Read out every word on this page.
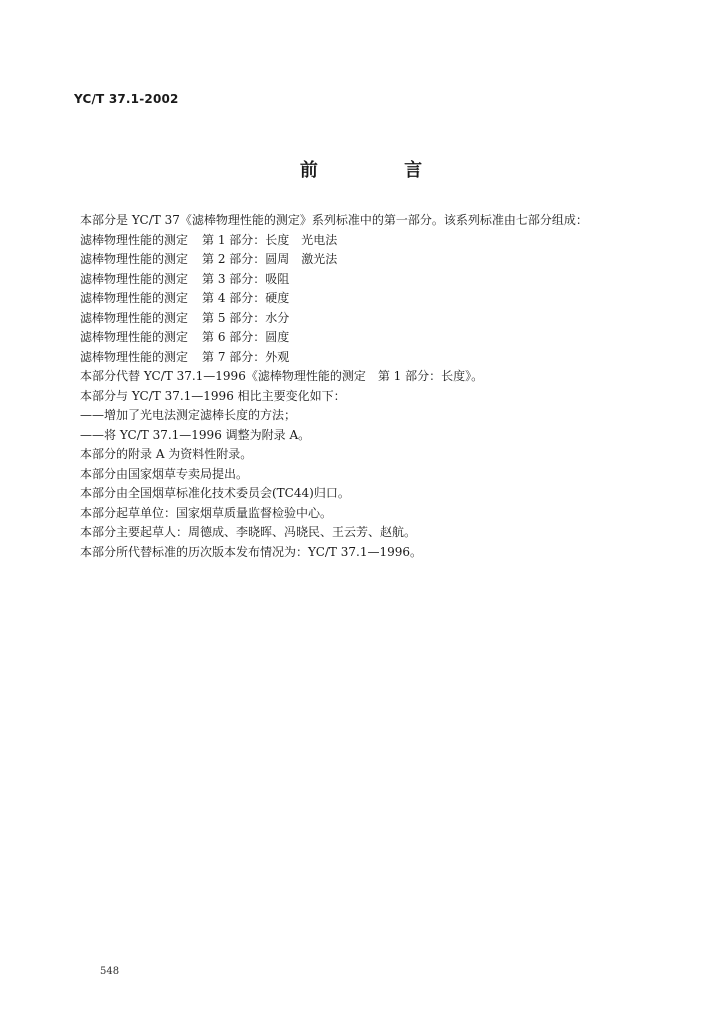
YC/T 37.1-2002
前 言
本部分是 YC/T 37《滤棒物理性能的测定》系列标准中的第一部分。该系列标准由七部分组成：
滤棒物理性能的测定 第 1 部分：长度　光电法
滤棒物理性能的测定 第 2 部分：圆周　激光法
滤棒物理性能的测定 第 3 部分：吸阻
滤棒物理性能的测定 第 4 部分：硬度
滤棒物理性能的测定 第 5 部分：水分
滤棒物理性能的测定 第 6 部分：圆度
滤棒物理性能的测定 第 7 部分：外观
本部分代替 YC/T 37.1—1996《滤棒物理性能的测定　第 1 部分：长度》。
本部分与 YC/T 37.1—1996 相比主要变化如下：
——增加了光电法测定滤棒长度的方法；
——将 YC/T 37.1—1996 调整为附录 A。
本部分的附录 A 为资料性附录。
本部分由国家烟草专卖局提出。
本部分由全国烟草标准化技术委员会(TC44)归口。
本部分起草单位：国家烟草质量监督检验中心。
本部分主要起草人：周德成、李晓晖、冯晓民、王云芳、赵航。
本部分所代替标准的历次版本发布情况为：YC/T 37.1—1996。
548
